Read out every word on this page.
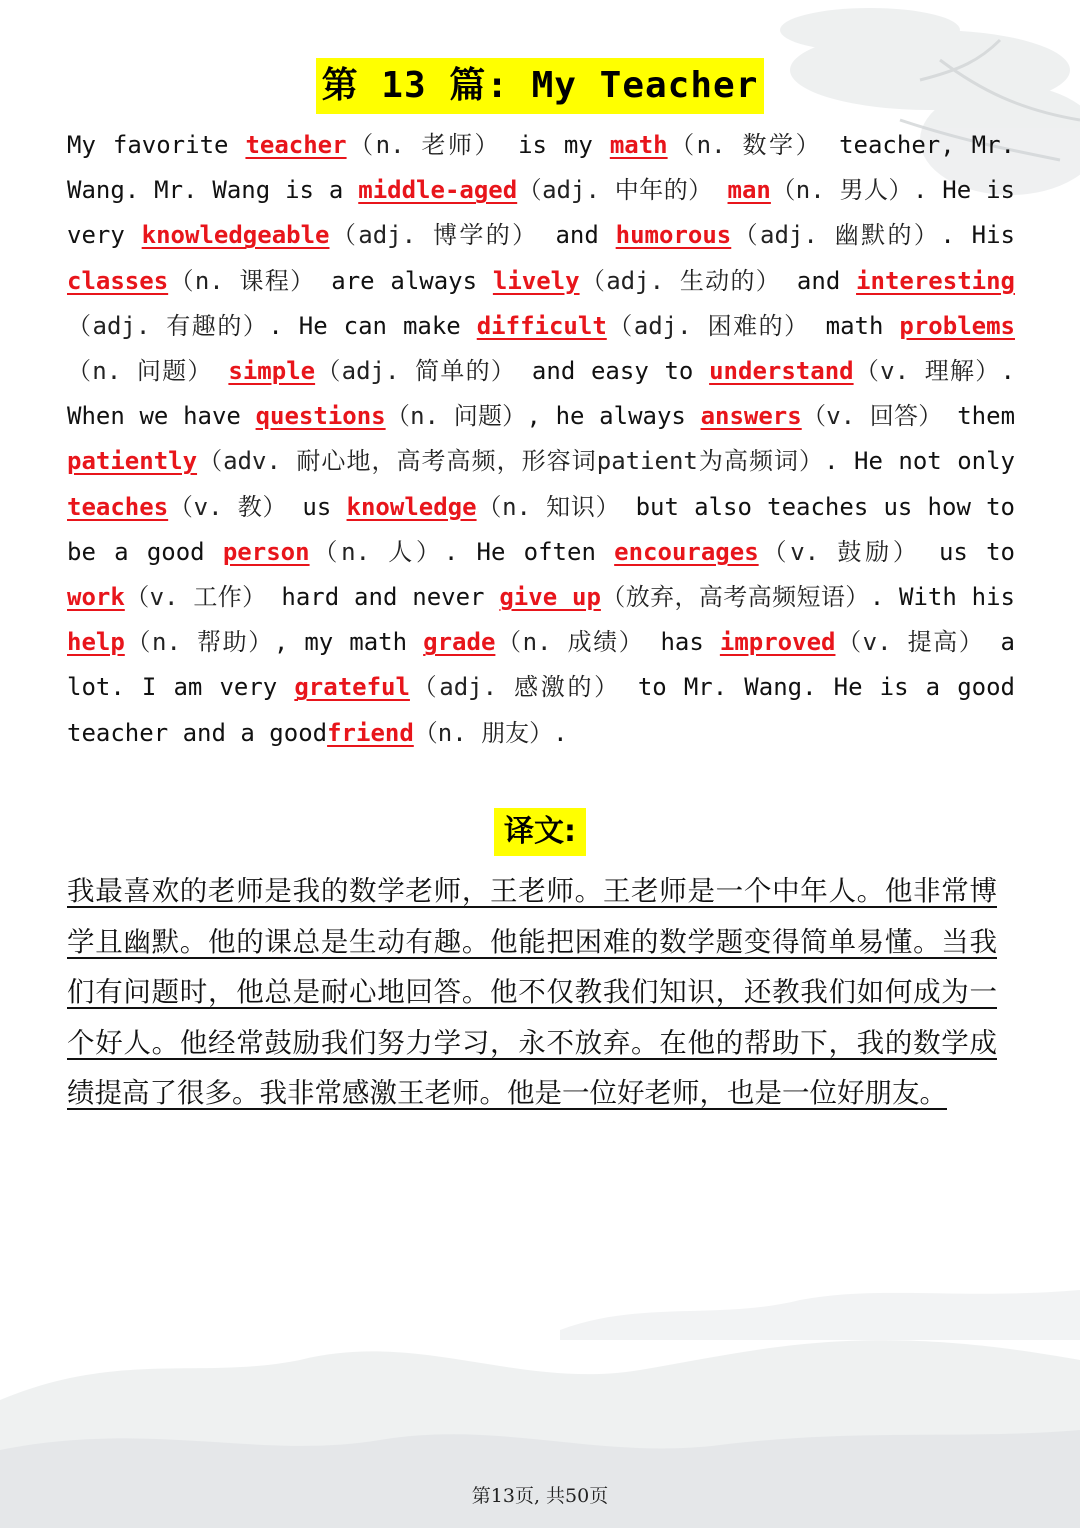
第 13 篇: My Teacher
My favorite teacher（n. 老师） is my math（n. 数学） teacher, Mr. Wang. Mr. Wang is a middle-aged（adj. 中年的） man（n. 男人）. He is very knowledgeable（adj. 博学的） and humorous（adj. 幽默的）. His classes（n. 课程） are always lively（adj. 生动的） and interesting（adj. 有趣的）. He can make difficult（adj. 困难的） math problems（n. 问题） simple（adj. 简单的） and easy to understand（v. 理解）. When we have questions（n. 问题）, he always answers（v. 回答） them patiently（adv. 耐心地，高考高频，形容词patient为高频词）. He not only teaches（v. 教） us knowledge（n. 知识） but also teaches us how to be a good person（n. 人）. He often encourages（v. 鼓励） us to work（v. 工作） hard and never give up（放弃，高考高频短语）. With his help（n. 帮助）, my math grade（n. 成绩） has improved（v. 提高） a lot. I am very grateful（adj. 感激的） to Mr. Wang. He is a good teacher and a goodfriend（n. 朋友）.
译文:
我最喜欢的老师是我的数学老师，王老师。王老师是一个中年人。他非常博学且幽默。他的课总是生动有趣。他能把困难的数学题变得简单易懂。当我们有问题时，他总是耐心地回答。他不仅教我们知识，还教我们如何成为一个好人。他经常鼓励我们努力学习，永不放弃。在他的帮助下，我的数学成绩提高了很多。我非常感激王老师。他是一位好老师，也是一位好朋友。
第13页, 共50页
